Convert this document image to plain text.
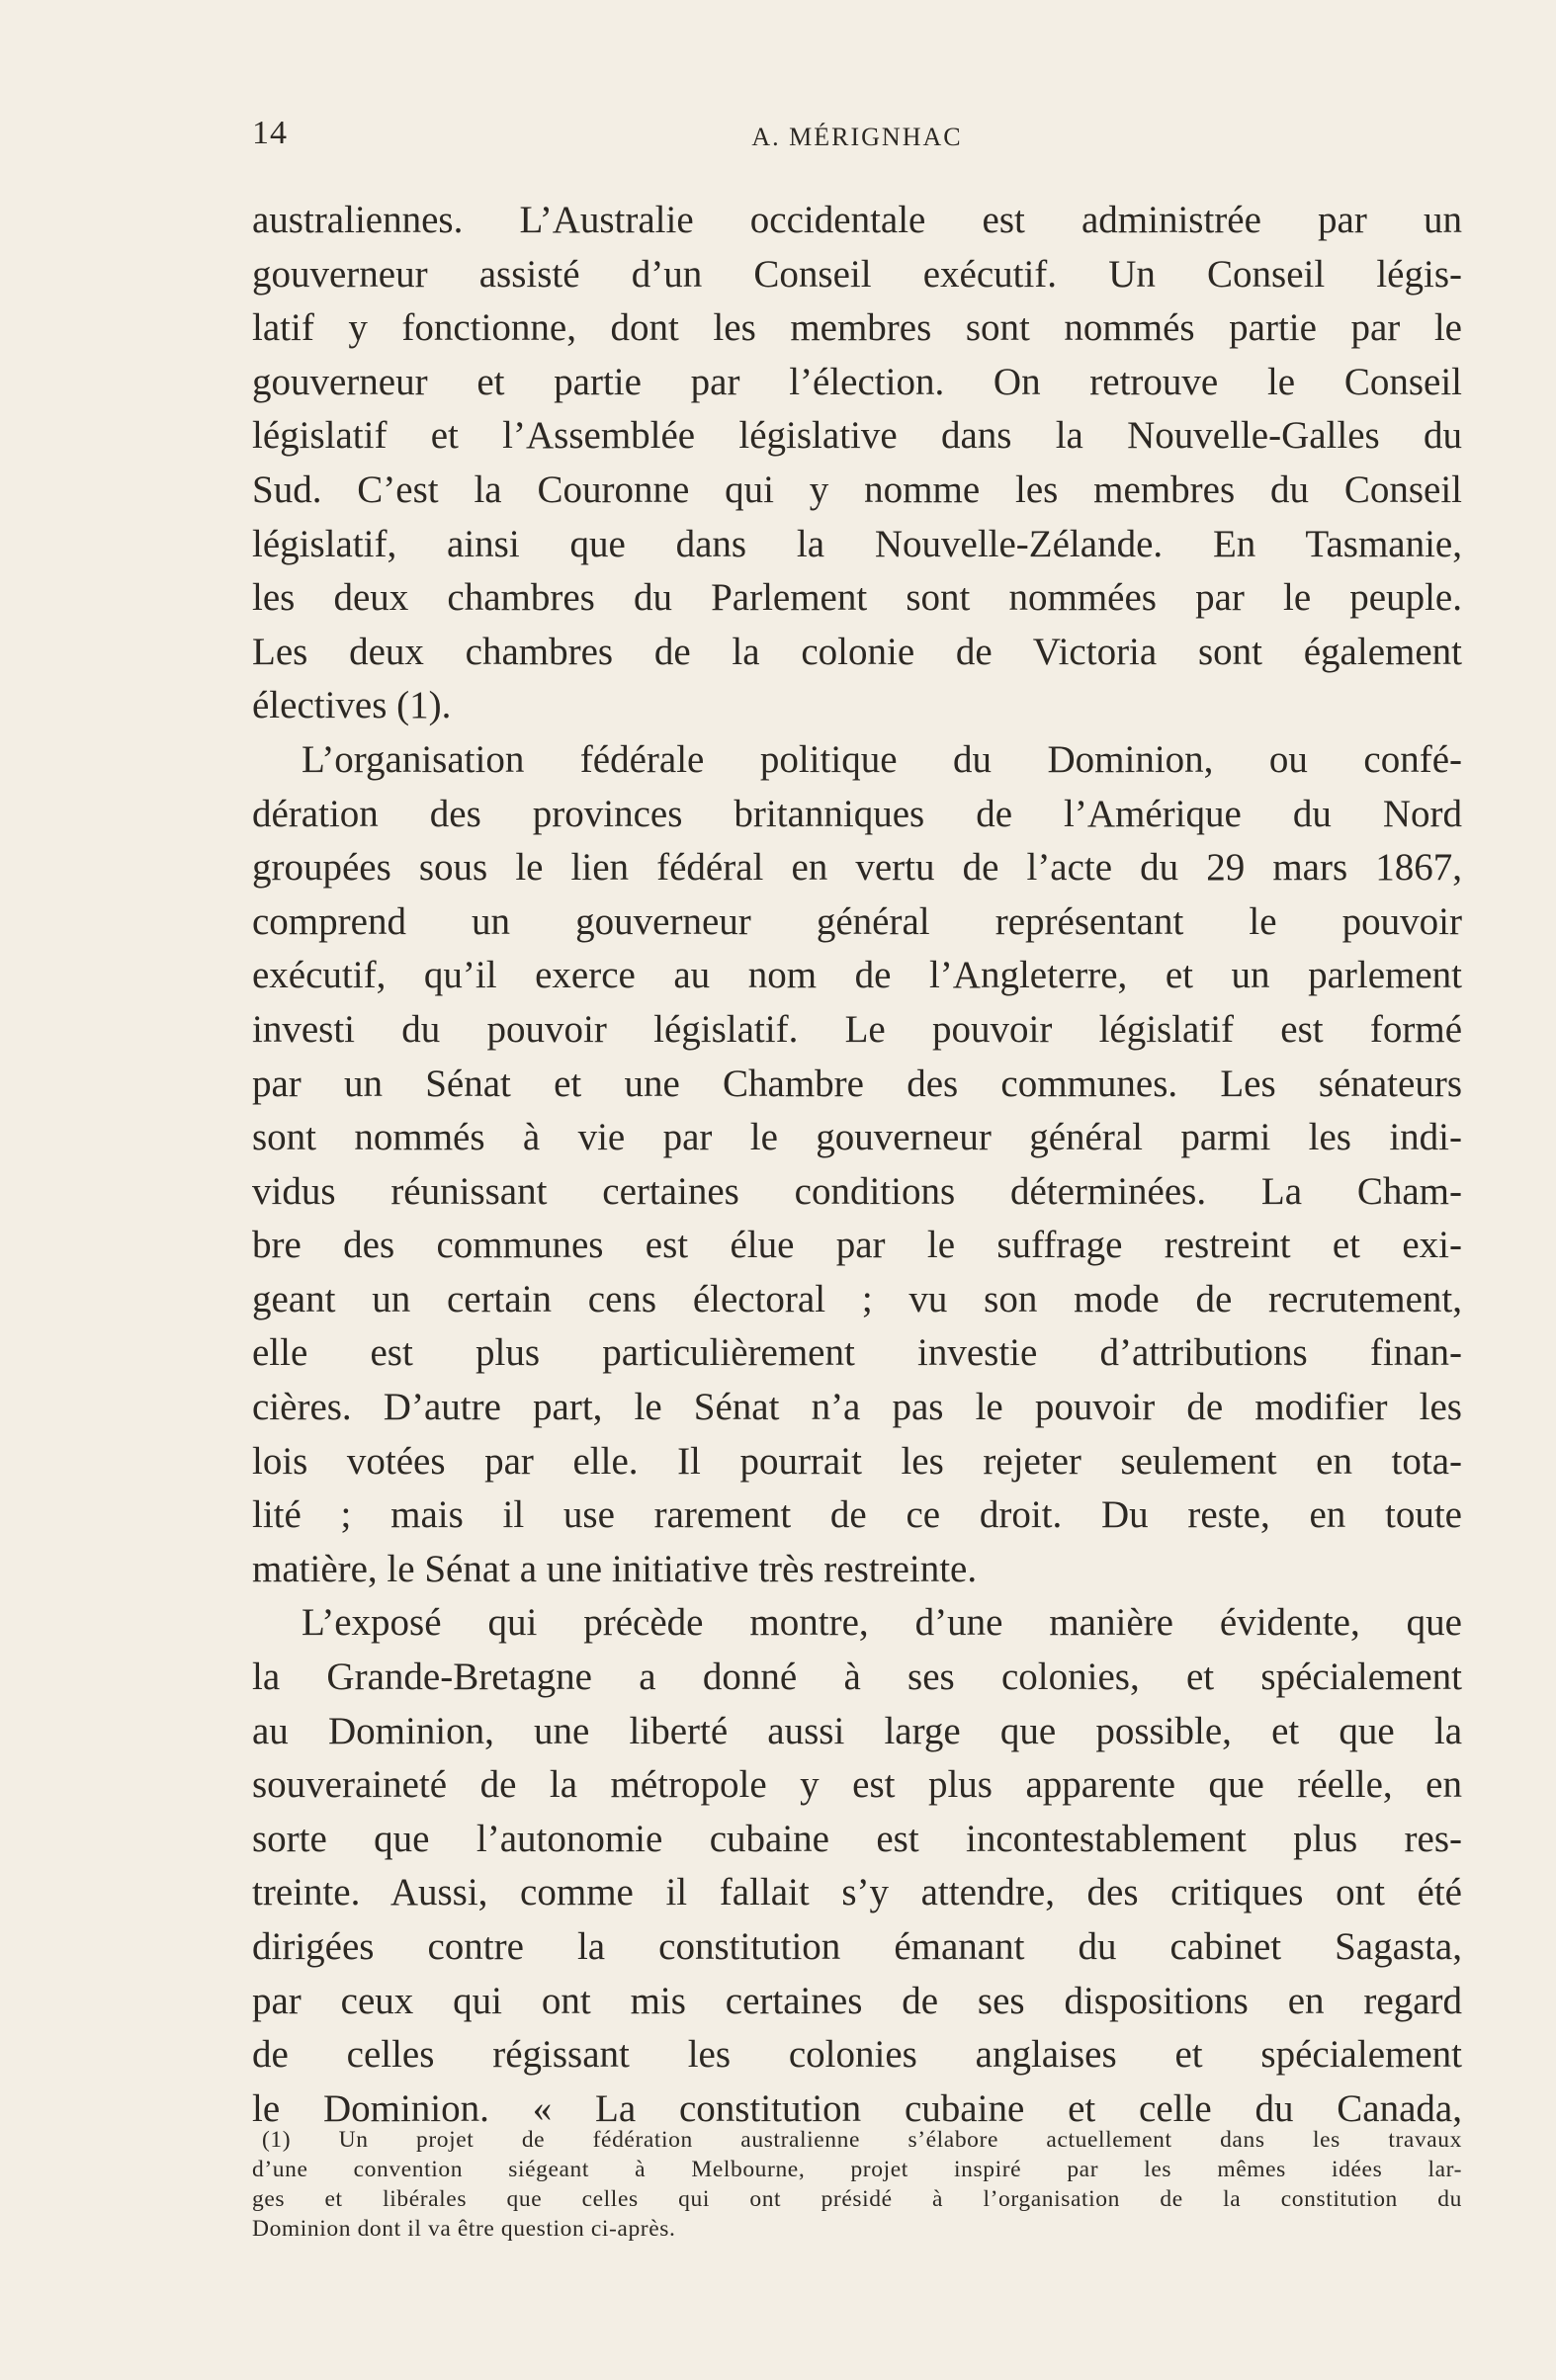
14	A. MÉRIGNHAC
australiennes. L’Australie occidentale est administrée par un
gouverneur assisté d’un Conseil exécutif. Un Conseil légis-
latif y fonctionne, dont les membres sont nommés partie par le
gouverneur et partie par l’élection. On retrouve le Conseil
législatif et l’Assemblée législative dans la Nouvelle-Galles du
Sud. C’est la Couronne qui y nomme les membres du Conseil
législatif, ainsi que dans la Nouvelle-Zélande. En Tasmanie,
les deux chambres du Parlement sont nommées par le peuple.
Les deux chambres de la colonie de Victoria sont également
électives (1).
L’organisation fédérale politique du Dominion, ou confé-
dération des provinces britanniques de l’Amérique du Nord
groupées sous le lien fédéral en vertu de l’acte du 29 mars 1867,
comprend un gouverneur général représentant le pouvoir
exécutif, qu’il exerce au nom de l’Angleterre, et un parlement
investi du pouvoir législatif. Le pouvoir législatif est formé
par un Sénat et une Chambre des communes. Les sénateurs
sont nommés à vie par le gouverneur général parmi les indi-
vidus réunissant certaines conditions déterminées. La Cham-
bre des communes est élue par le suffrage restreint et exi-
geant un certain cens électoral ; vu son mode de recrutement,
elle est plus particulièrement investie d’attributions finan-
cières. D’autre part, le Sénat n’a pas le pouvoir de modifier les
lois votées par elle. Il pourrait les rejeter seulement en tota-
lité ; mais il use rarement de ce droit. Du reste, en toute
matière, le Sénat a une initiative très restreinte.
L’exposé qui précède montre, d’une manière évidente, que
la Grande-Bretagne a donné à ses colonies, et spécialement
au Dominion, une liberté aussi large que possible, et que la
souveraineté de la métropole y est plus apparente que réelle, en
sorte que l’autonomie cubaine est incontestablement plus res-
treinte. Aussi, comme il fallait s’y attendre, des critiques ont été
dirigées contre la constitution émanant du cabinet Sagasta,
par ceux qui ont mis certaines de ses dispositions en regard
de celles régissant les colonies anglaises et spécialement
le Dominion. « La constitution cubaine et celle du Canada,
(1) Un projet de fédération australienne s’élabore actuellement dans les travaux
d’une convention siégeant à Melbourne, projet inspiré par les mêmes idées lar-
ges et libérales que celles qui ont présidé à l’organisation de la constitution du
Dominion dont il va être question ci-après.
